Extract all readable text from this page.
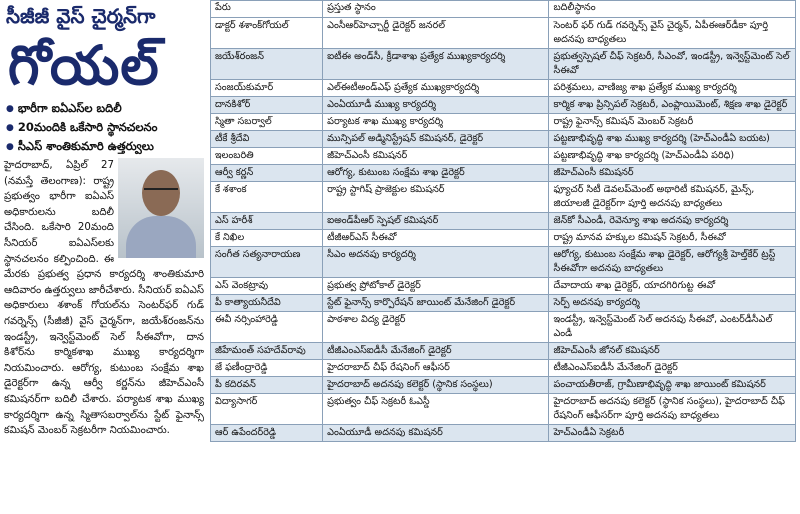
సీజీజీ వైస్ చైర్మన్‌గా
గోయల్
● భారీగా ఐఏఎస్‌ల బదిలీ
● 20మందికి ఒకేసారి స్థానచలనం
● సీఎస్ శాంతికుమారి ఉత్తర్వులు
హైదరాబాద్, ఏప్రిల్ 27 (నమస్తే తెలంగాణ): రాష్ట్ర ప్రభుత్వం భారీగా ఐఏఎస్ అధికారులను బదిలీ చేసింది. ఒకేసారి 20మంది సీనియర్ ఐఏఎస్‌లకు స్థానచలనం కల్పించింది. ఈ మేరకు ప్రభుత్వ ప్రధాన కార్యదర్శి శాంతికుమారి ఆదివారం ఉత్తర్వులు జారీచేశారు. సీనియర్ ఐఏఎస్ అధికారులు శశాంక్ గోయల్‌ను సెంటర్‌ఫర్ గుడ్ గవర్నెన్స్ (సీజీజీ) వైస్ చైర్మన్‌గా, జయేశ్‌రంజన్‌ను ఇండస్ట్రీ, ఇన్వెస్ట్‌మెంట్ సెల్ సీఈవోగా, దాన కిశోర్‌ను కార్మికశాఖ ముఖ్య కార్యదర్శిగా నియమించారు. ఆరోగ్య, కుటుంబ సంక్షేమ శాఖ డైరెక్టర్‌గా ఉన్న ఆర్వీ కర్ణన్‌ను జీహెచ్‌ఎంసీ కమిషనర్‌గా బదిలీ చేశారు. పర్యాటక శాఖ ముఖ్య కార్యదర్శిగా ఉన్న స్మితాసబర్వాల్‌ను స్టేట్ ఫైనాన్స్ కమిషన్ మెంబర్ సెక్రటరీగా నియమించారు.
పేరు	ప్రస్తుత స్థానం	బదిలీస్థానం
డాక్టర్ శశాంక్‌గోయల్	ఎంసీఆర్‌హెచ్చార్డీ డైరెక్టర్ జనరల్	సెంటర్ ఫర్ గుడ్ గవర్నెన్స్ వైస్ చైర్మన్, ఏపీఈఆర్‌డీకా పూర్తి అదనపు బాధ్యతలు
జయేశ్‌రంజన్	ఐటీఈ అండ్‌సీ, క్రీడాశాఖ ప్రత్యేక ముఖ్యకార్యదర్శి	ప్రభుత్వస్పెషల్ చీఫ్ సెక్రటరీ, సీఎంవో, ఇండస్ట్రీ, ఇన్వెస్ట్‌మెంట్ సెల్ సీఈవో
సంజయ్‌కుమార్	ఎల్ఈటీఅండ్‌ఎఫ్ ప్రత్యేక ముఖ్యకార్యదర్శి	పరిశ్రమలు, వాణిజ్య శాఖ ప్రత్యేక ముఖ్య కార్యదర్శి
దానకిశోర్	ఎంఏయూడీ ముఖ్య కార్యదర్శి	కార్మిక శాఖ ప్రిన్సిపల్ సెక్రటరీ, ఎంప్లాయిమెంట్, శిక్షణ శాఖ డైరెక్టర్
స్మితా సబర్వాల్	పర్యాటక శాఖ ముఖ్య కార్యదర్శి	రాష్ట్ర ఫైనాన్స్ కమిషన్ మెంబర్ సెక్రటరీ
టీకే శ్రీదేవి	మున్సిపల్ అడ్మినిస్ట్రేషన్ కమిషనర్, డైరెక్టర్	పట్టణాభివృద్ధి శాఖ ముఖ్య కార్యదర్శి (హెచ్‌ఎండీఏ బయట)
ఇలంబరితి	జీహెచ్‌ఎంసీ కమిషనర్	పట్టణాభివృద్ధి శాఖ కార్యదర్శి (హెచ్‌ఎండీఏ పరిధి)
ఆర్వీ కర్ణన్	ఆరోగ్య, కుటుంబ సంక్షేమ శాఖ డైరెక్టర్	జీహెచ్‌ఎంసీ కమిషనర్
కే శశాంక	రాష్ట్ర స్టాగిష్ ప్రాజెక్టుల కమిషనర్	ఫ్యూచర్ సిటీ డెవలప్‌మెంట్ అథారిటీ కమిషనర్, మైన్స్, జియాలజీ డైరెక్టర్‌గా పూర్తి అదనపు బాధ్యతలు
ఎస్ హరీశ్	ఐఅండ్‌పీఆర్ స్పెషల్ కమిషనర్	జెన్‌కో సీఎండీ, రెవెన్యూ శాఖ అదనపు కార్యదర్శి
కే నిఖిల	టీజీఆర్‌ఎస్ సీఈవో	రాష్ట్ర మానవ హక్కుల కమిషన్ సెక్రటరీ, సీఈవో
సంగీత సత్యనారాయణ	సీఎం అదనపు కార్యదర్శి	ఆరోగ్య, కుటుంబ సంక్షేమ శాఖ డైరెక్టర్, ఆరోగ్యశ్రీ హెల్త్‌కేర్ ట్రస్ట్ సీఈవోగా అదనపు బాధ్యతలు
ఎస్ వెంకట్రావు	ప్రభుత్వ ప్రోటోకాల్ డైరెక్టర్	దేవాదాయ శాఖ డైరెక్టర్, యాదగిరిగుట్ట ఈవో
పీ కాత్యాయనీదేవి	స్టేట్ ఫైనాన్స్ కార్పొరేషన్ జాయింట్ మేనేజింగ్ డైరెక్టర్	సెర్ప్ అదనపు కార్యదర్శి
ఈవీ నర్సింహారెడ్డి	పాఠశాల విద్య డైరెక్టర్	ఇండస్ట్రీ, ఇన్వెస్ట్‌మెంట్ సెల్ అదనపు సీఈవో, ఎంటర్‌డీసీఎల్ ఎండీ
జీహేమంత్ సహదేవ్‌రావు	టీజీఎంఎస్‌ఐడీసీ మేనేజింగ్ డైరెక్టర్	జీహెచ్‌ఎంసీ జోనల్ కమిషనర్
జే ఫణీంద్రారెడ్డి	హైదరాబాద్ చీఫ్ రేషనింగ్ ఆఫీసర్	టీజీఎంఎస్‌ఐడీసీ మేనేజింగ్ డైరెక్టర్
పీ కదిరవన్	హైదరాబాద్ అదనపు కలెక్టర్ (స్థానిక సంస్థలు)	పంచాయతీరాజ్, గ్రామీణాభివృద్ధి శాఖ జాయింట్ కమిషనర్
విద్యాసాగర్	ప్రభుత్వం చీఫ్ సెక్రటరీ ఓఎస్డీ	హైదరాబాద్ అదనపు కలెక్టర్ (స్థానిక సంస్థలు), హైదరాబాద్ చీఫ్ రేషనింగ్ ఆఫీసర్‌గా పూర్తి అదనపు బాధ్యతలు
ఆర్ ఉపేందర్‌రెడ్డి	ఎంఏయూడీ అదనపు కమిషనర్	హెచ్‌ఎండీఏ సెక్రటరీ
